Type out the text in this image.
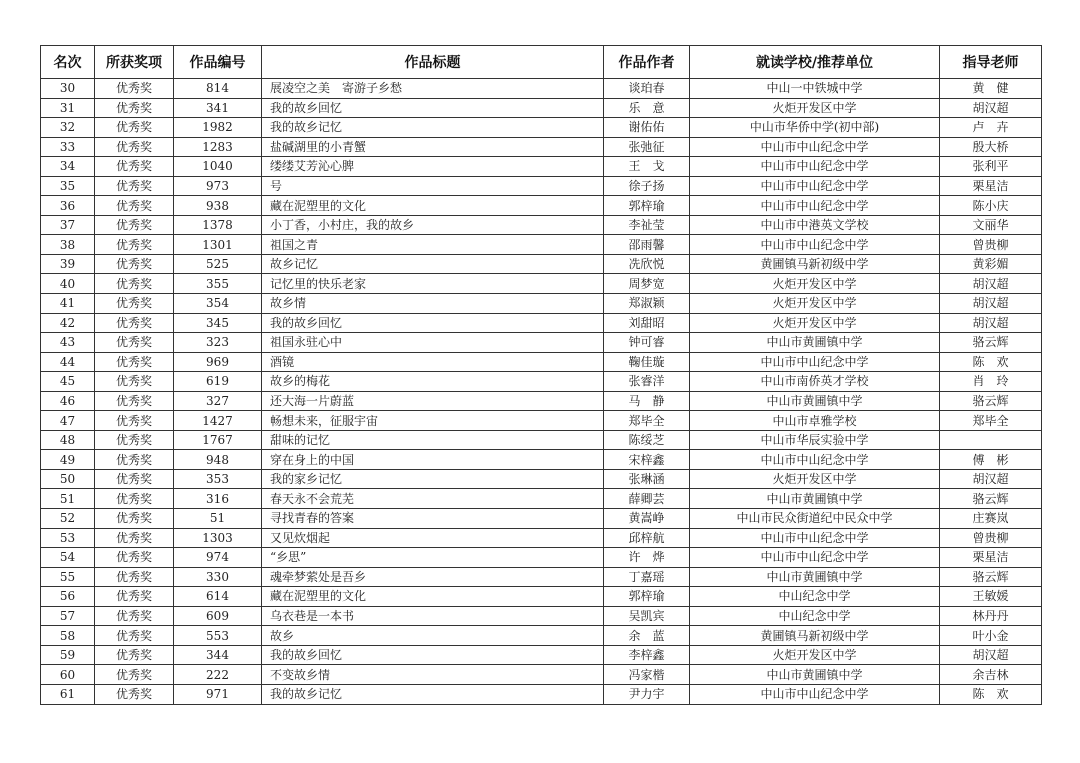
名次	所获奖项	作品编号	作品标题	作品作者	就读学校/推荐单位	指导老师
30	优秀奖	814	展凌空之美　寄游子乡愁	谈珀春	中山一中铁城中学	黄　健
31	优秀奖	341	我的故乡回忆	乐　意	火炬开发区中学	胡汉超
32	优秀奖	1982	我的故乡记忆	谢佑佑	中山市华侨中学(初中部)	卢　卉
33	优秀奖	1283	盐碱湖里的小青蟹	张弛征	中山市中山纪念中学	殷大桥
34	优秀奖	1040	缕缕艾芳沁心脾	王　戈	中山市中山纪念中学	张利平
35	优秀奖	973	号	徐子扬	中山市中山纪念中学	栗星洁
36	优秀奖	938	藏在泥塑里的文化	郭梓瑜	中山市中山纪念中学	陈小庆
37	优秀奖	1378	小丁香，小村庄，我的故乡	李祉莹	中山市中港英文学校	文丽华
38	优秀奖	1301	祖国之青	邵雨馨	中山市中山纪念中学	曾贵柳
39	优秀奖	525	故乡记忆	冼欣悦	黄圃镇马新初级中学	黄彩媚
40	优秀奖	355	记忆里的快乐老家	周梦宽	火炬开发区中学	胡汉超
41	优秀奖	354	故乡情	郑淑颖	火炬开发区中学	胡汉超
42	优秀奖	345	我的故乡回忆	刘甜昭	火炬开发区中学	胡汉超
43	优秀奖	323	祖国永驻心中	钟可睿	中山市黄圃镇中学	骆云辉
44	优秀奖	969	酒镜	鞠佳璇	中山市中山纪念中学	陈　欢
45	优秀奖	619	故乡的梅花	张睿洋	中山市南侨英才学校	肖　玲
46	优秀奖	327	还大海一片蔚蓝	马　静	中山市黄圃镇中学	骆云辉
47	优秀奖	1427	畅想未来，征服宇宙	郑毕全	中山市卓雅学校	郑毕全
48	优秀奖	1767	甜味的记忆	陈绥芝	中山市华辰实验中学	
49	优秀奖	948	穿在身上的中国	宋梓鑫	中山市中山纪念中学	傅　彬
50	优秀奖	353	我的家乡记忆	张琳涵	火炬开发区中学	胡汉超
51	优秀奖	316	春天永不会荒芜	薛卿芸	中山市黄圃镇中学	骆云辉
52	优秀奖	51	寻找青春的答案	黄嵩峥	中山市民众街道纪中民众中学	庄赛岚
53	优秀奖	1303	又见炊烟起	邱梓航	中山市中山纪念中学	曾贵柳
54	优秀奖	974	“乡思”	许　烨	中山市中山纪念中学	栗星洁
55	优秀奖	330	魂牵梦萦处是吾乡	丁嘉瑶	中山市黄圃镇中学	骆云辉
56	优秀奖	614	藏在泥塑里的文化	郭梓瑜	中山纪念中学	王敏媛
57	优秀奖	609	乌衣巷是一本书	吴凯宾	中山纪念中学	林丹丹
58	优秀奖	553	故乡	余　蓝	黄圃镇马新初级中学	叶小金
59	优秀奖	344	我的故乡回忆	李梓鑫	火炬开发区中学	胡汉超
60	优秀奖	222	不变故乡情	冯家楷	中山市黄圃镇中学	余吉林
61	优秀奖	971	我的故乡记忆	尹力宇	中山市中山纪念中学	陈　欢
